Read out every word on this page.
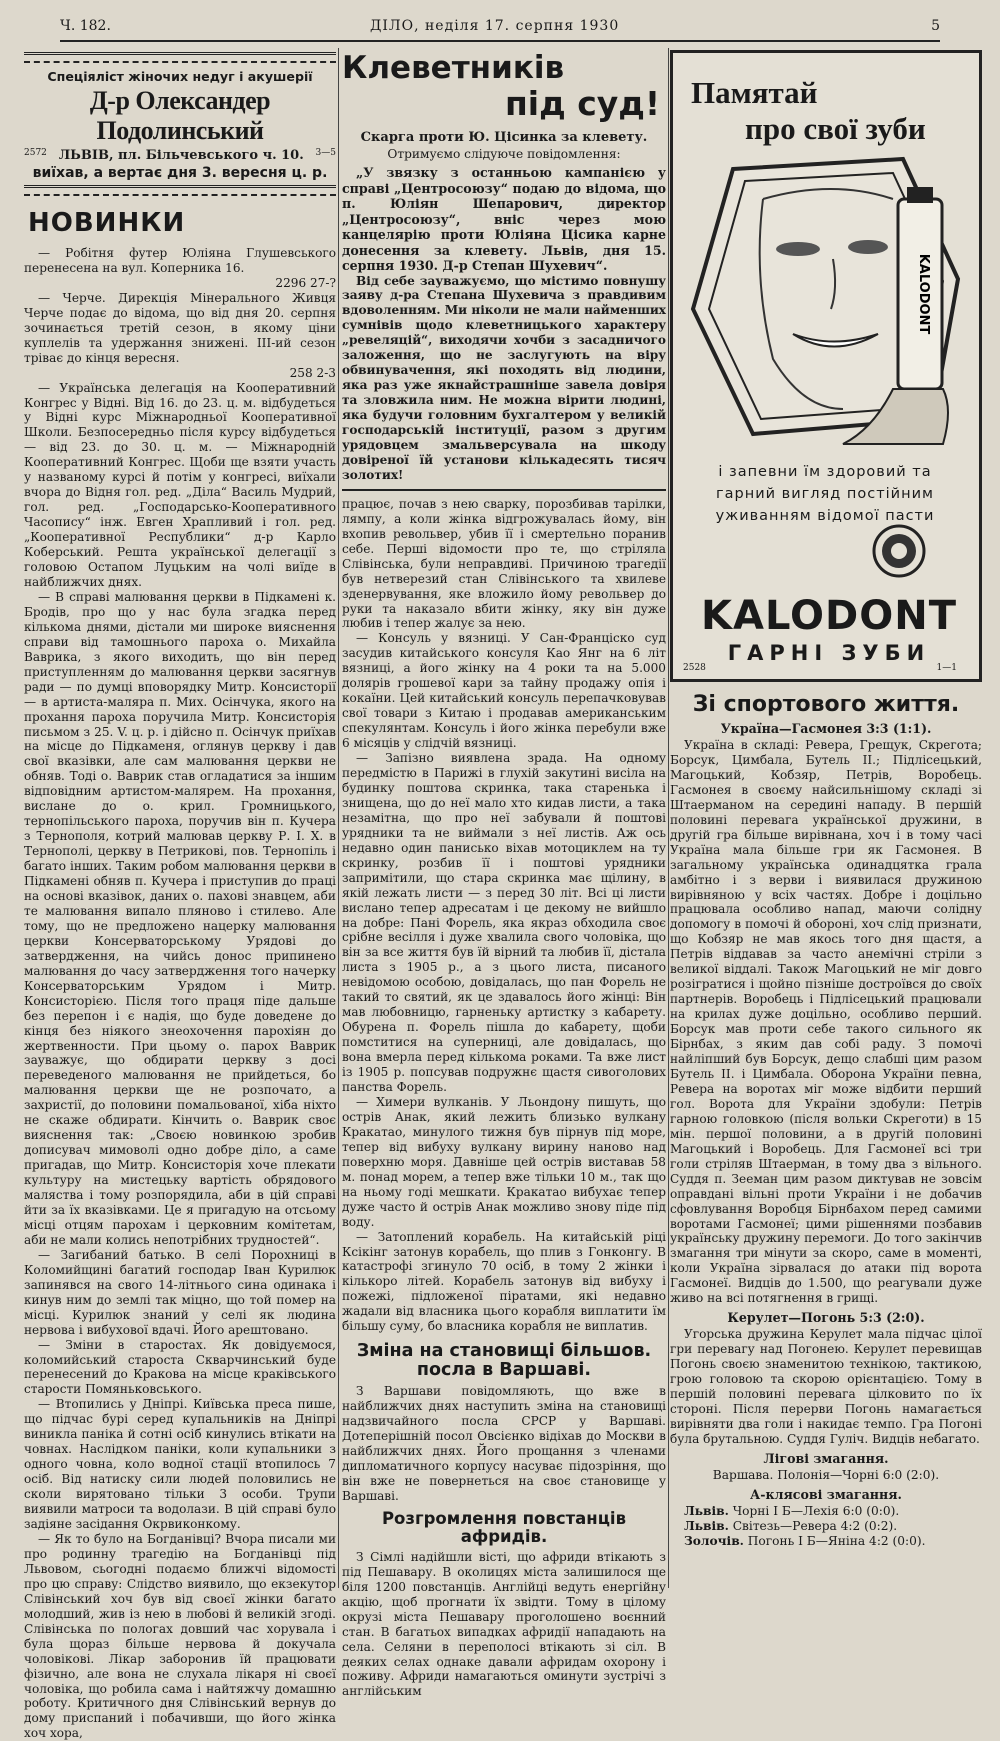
Ч. 182.	ДІЛО, неділя 17. серпня 1930	5
Спеціяліст жіночих недуг і акушерії
Д-р Олександер Подолинський
2572 ЛЬВІВ, пл. Більчевського ч. 10. 3—5
виїхав, а вертає дня 3. вересня ц. р.
НОВИНКИ

— Робітня футер Юліяна Глушевського перенесена на вул. Коперника 16.

2296 27-?

— Черче. Дирекція Мінерального Живця Черче подає до відома, що від дня 20. серпня зочинається третій сезон, в якому ціни куплелів та удержання знижені. ІІІ-ий сезон тріває до кінця вересня.

258 2-3

— Українська делегація на Кооперативний Конгрес у Відні. Від 16. до 23. ц. м. відбудеться у Відні курс Міжнародньої Кооперативної Школи. Безпосередньо після курсу відбудеться — від 23. до 30. ц. м. — Міжнародній Кооперативний Конгрес. Щоби ще взяти участь у названому курсі й потім у конгресі, виїхали вчора до Відня гол. ред. „Діла“ Василь Мудрий, гол. ред. „Господарсько-Кооперативного Часопису“ інж. Евген Храпливий і гол. ред. „Кооперативної Республики“ д-р Карло Коберський. Решта української делегації з головою Остапом Луцьким на чолі виїде в найближчих днях.

— В справі малювання церкви в Підкамені к. Бродів, про що у нас була згадка перед кількома днями, дістали ми широке вияснення справи від тамошнього пароха о. Михайла Ваврика, з якого виходить, що він перед приступленням до малювання церкви засягнув ради — по думці вповорядку Митр. Консисторії — в артиста-маляра п. Мих. Осінчука, якого на прохання пароха поручила Митр. Консисторія письмом з 25. V. ц. р. і дійсно п. Осінчук приїхав на місце до Підкаменя, оглянув церкву і дав свої вказівки, але сам малювання церкви не обняв. Тоді о. Ваврик став огладатися за іншим відповідним артистом-малярем. На прохання, вислане до о. крил. Громницького, тернопільського пароха, поручив він п. Кучера з Тернополя, котрий малював церкву Р. І. Х. в Тернополі, церкву в Петриковi, пов. Тернопіль і багато інших. Таким робом малювання церкви в Підкамені обняв п. Кучера і приступив до праці на основі вказівок, даних о. пахові знавцем, аби те малювання випало пляново і стилево. Але тому, що не предложено нацерку малювання церкви Консерваторському Урядові до затвердження, на чийсь донос припинено малювання до часу затвердження того начерку Консерваторським Урядом і Митр. Консисторією. Після того праця піде дальше без перепон і є надія, що буде доведене до кінця без ніякого знеохочення парохіян до жертвенности. При цьому о. парох Ваврик зауважує, що обдирати церкву з досі переведеного малювання не прийдеться, бо малювання церкви ще не розпочато, а захристії, до половини помальованої, хіба ніхто не скаже обдирати. Кінчить о. Ваврик своє вияснення так: „Своєю новинкою зробив дописувач мимоволі одно добре діло, а саме пригадав, що Митр. Консисторія хоче плекати культуру на мистецьку вартість обрядового маляства і тому розпорядила, аби в цій справі йти за їх вказівками. Це я пригадую на отсьому місці отцям парохам і церковним комітетам, аби не мали колись непотрібних трудностей“.

— Загибаний батько. В селі Порохниці в Коломийщині багатий господар Іван Курилюк запинявся на свого 14-літнього сина одинака і кинув ним до землі так міцно, що той помер на місці. Курилюк знаний у селі як людина нервова і вибухової вдачі. Його арештовано.

— Зміни в старостах. Як довідуємося, коломийський староста Скварчинський буде перенесений до Кракова на місце краківського старости Помяньковського.

— Втопились у Дніпрі. Київська преса пише, що підчас бурі серед купальників на Дніпрі виникла паніка й сотні осіб кинулись втікати на човнах. Наслідком паніки, коли купальники з одного човна, коло водної стації втопилось 7 осіб. Від натиску сили людей половились не сколи вирятовано тільки 3 особи. Трупи виявили матроси та водолази. В цій справі було задіяне засідання Окрвиконкому.

— Як то було на Богданівці? Вчора писали ми про родинну трагедію на Богданівці під Львовом, сьогодні подаємо ближчі відомості про цю справу: Слідство виявило, що екзекутор Слівінський хоч був від своєї жінки багато молодший, жив із нею в любові й великій згоді. Слівінська по пологах довший час хорувала і була щораз більше нервова й докучала чоловікові. Лікар заборонив їй працювати фізично, але вона не слухала лікаря ні своєї чоловіка, що робила сама і найтяжчу домашню роботу. Критичного дня Слівінський вернув до дому приспаний і побачивши, що його жінка хоч хора,

Клеветників
під суд!
Скарга проти Ю. Цісинка за клевету.
Отримуємо слідуюче повідомлення:

„У звязку з останньою кампанією у справі „Центросоюзу“ подаю до відома, що п. Юліян Шепарович, директор „Центросоюзу“, вніс через мою канцелярію проти Юліяна Цісика карне донесення за клевету. Львів, дня 15. серпня 1930. Д-р Степан Шухевич“.

Від себе зауважуємо, що містимо повнушу заяву д-ра Степана Шухевича з правдивим вдоволенням. Ми ніколи не мали найменших сумнівів щодо клеветницького характеру „ревеляцій“, виходячи хочби з засадничого заложення, що не заслугують на віру обвинувачення, які походять від людини, яка раз уже якнайстрашніше завела довіря та зловжила ним. Не можна вірити людині, яка будучи головним бухгалтером у великій господарській інституції, разом з другим урядовцем змальверсувала на шкоду довіреної їй установи кількадесять тисяч золотих!

працює, почав з нею сварку, порозбивав тарілки, лямпу, а коли жінка відгрожувалась йому, він вхопив револьвер, убив її і смертельно поранив себе. Перші відомости про те, що стріляла Слівінська, були неправдиві. Причиною трагедії був нетверезий стан Слівінського та хвилеве зденервування, яке вложило йому револьвер до руки та наказало вбити жінку, яку він дуже любив і тепер жалує за нею.

— Консуль у вязниці. У Сан-Франціско суд засудив китайського консуля Као Янг на 6 літ вязниці, а його жінку на 4 роки та на 5.000 долярів грошевої кари за тайну продажу опія і кокаїни. Цей китайський консуль перепачковував свої товари з Китаю і продавав американським спекулянтам. Консуль і його жінка перебули вже 6 місяців у слідчій вязниці.

— Запізно виявлена зрада. На одному передмістю в Парижі в глухій закутині висіла на будинку поштова скринка, така старенька і знищена, що до неї мало хто кидав листи, а така незамітна, що про неї забували й поштові урядники та не виймали з неї листів. Аж ось недавно один панисько віхав мотоциклем на ту скринку, розбив її і поштові урядники запримітили, що стара скринка має щілину, в якій лежать листи — з перед 30 літ. Всі ці листи вислано тепер адресатам і це декому не вийшло на добре: Пані Форель, яка якраз обходила своє срібне весілля і дуже хвалила свого чоловіка, що він за все життя був їй вірний та любив її, дістала листа з 1905 р., а з цього листа, писаного невідомою особою, довідалась, що пан Форель не такий то святий, як це здавалось його жінці: Він мав любовницю, гарненьку артистку з кабарету. Обурена п. Форель пішла до кабарету, щоби помститися на суперниці, але довідалась, що вона вмерла перед кількома роками. Та вже лист із 1905 р. попсував подружнє щастя сивоголових панства Форель.

— Химери вулканів. У Льондону пишуть, що острів Анак, який лежить близько вулкану Кракатао, минулого тижня був пірнув під море, тепер від вибуху вулкану вирину наново над поверхню моря. Давніше цей острів виставав 58 м. понад морем, а тепер вже тільки 10 м., так що на ньому годі мешкати. Кракатао вибухає тепер дуже часто й острів Анак можливо знову піде під воду.

— Затоплений корабель. На китайській ріці Ксікінг затонув корабель, що плив з Гонконгу. В катастрофі згинуло 70 осіб, в тому 2 жінки і кількоро літей. Корабель затонув від вибуху і пожежі, підложеної піратами, які недавно жадали від власника цього корабля виплатити їм більшу суму, бо власника корабля не виплатив.

Зміна на становищі більшов. посла в Варшаві.

З Варшави повідомляють, що вже в найближчих днях наступить зміна на становищі надзвичайного посла СРСР у Варшаві. Дотеперішній посол Овсієнко відіхав до Москви в найближчих днях. Його прощання з членами дипломатичного корпусу насуває підозріння, що він вже не повернеться на своє становище у Варшаві.

Розгромлення повстанців афридів.

З Сімлі надійшли вісті, що африди втікають з під Пешавару. В околицях міста залишилося ще біля 1200 повстанців. Англійці ведуть енергійну акцію, щоб прогнати їх звідти. Тому в цілому окрузі міста Пешавару проголошено воєнний стан. В багатьох випадках афридії нападають на села. Селяни в переполосі втікають зі сіл. В деяких селах однаке давали афридам охорону і поживу. Африди намагаються оминути зустрічі з англійським

Памятай
про свої зуби
KALODONT
і запевни їм здоровий та гарний вигляд постійним уживанням відомої пасти
KALODONT
ГАРНІ ЗУБИ
2528	1—1
Зі спортового життя.
Україна—Гасмонея 3:3 (1:1).

Україна в складі: Ревера, Грещук, Скреготa; Борсук, Цимбала, Бутель II.; Підлісецький, Магоцький, Кобзяр, Петрів, Воробець. Гасмонея в своєму найсильнішому складі зі Штаерманом на середині нападу. В першій половині перевага української дружини, в другій гра більше вирівнана, хоч і в тому часі Україна мала більше гри як Гасмонея. В загальному українська одинадцятка грала амбітно і з верви і виявилася дружиною вирівняною у всіх частях. Добре і доцільно працювала особливо напад, маючи солідну допомогу в помочі й обороні, хоч слід признати, що Кобзяр не мав якось того дня щастя, а Петрів віддавав за часто анемічні стріли з великої віддалі. Також Магоцький не міг довго розігратися і щойно пізніше достроївся до своїх партнерів. Воробець і Підлісецький працювали на крилах дуже доцільно, особливо перший. Борсук мав проти себе такого сильного як Бірнбах, з яким дав собі раду. З помочі найліпший був Борсук, дещо слабші цим разом Бутель II. і Цимбала. Оборона України певна, Ревера на воротах міг може відбити перший гол. Ворота для України здобули: Петрів гарною головкою (після вольки Скреготи) в 15 мін. першої половини, а в другій половині Магоцький і Воробець. Для Гасмонеї всі три голи стріляв Штаерман, в тому два з вільного. Суддя п. Зееман цим разом диктував не зовсім оправдані вільні проти України і не добачив сфовлування Воробця Бірнбахом перед самими воротами Гасмонеї; цими рішеннями позбавив українську дружину перемоги. До того закінчив змагання три мінути за скоро, саме в моменті, коли Україна зірвалася до атаки під ворота Гасмонеї. Видців до 1.500, що реагували дуже живо на всі потягнення в грищі.

Керулет—Погонь 5:3 (2:0).

Угорська дружина Керулет мала підчас цілої гри перевагу над Погонею. Керулет перевищав Погонь своєю знаменитою технікою, тактикою, грою головою та скорою орієнтацією. Тому в першій половині перевага цілковито по їх стороні. Після перерви Погонь намагається вирівняти два голи і накидає темпо. Гра Погоні була брутальною. Суддя Гуліч. Видців небагато.

Лігові змагання.

Варшава. Полонія—Чорні 6:0 (2:0).

А-клясові змагання.

Львів. Чорні І Б—Лехія 6:0 (0:0).

Львів. Світезь—Ревера 4:2 (0:2).

Золочів. Погонь І Б—Яніна 4:2 (0:0).
